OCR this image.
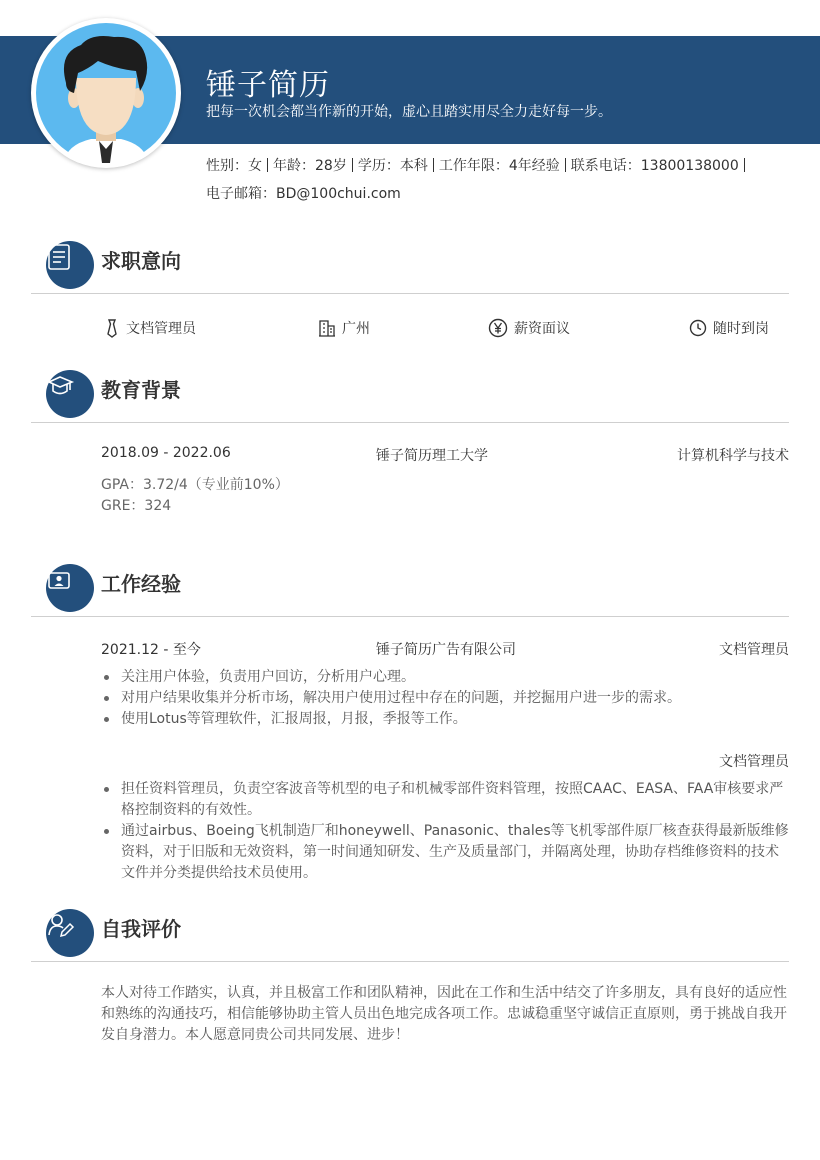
锤子简历
把每一次机会都当作新的开始，虚心且踏实用尽全力走好每一步。
性别：女 年龄：28岁 学历：本科 工作年限：4年经验 联系电话：13800138000
电子邮箱：BD@100chui.com
求职意向
文档管理员	广州	薪资面议	随时到岗
教育背景
2018.09 - 2022.06	锤子简历理工大学	计算机科学与技术
GPA：3.72/4（专业前10%）
GRE：324
工作经验
2021.12 - 至今	锤子简历广告有限公司	文档管理员
关注用户体验，负责用户回访，分析用户心理。
对用户结果收集并分析市场，解决用户使用过程中存在的问题，并挖掘用户进一步的需求。
使用Lotus等管理软件，汇报周报，月报，季报等工作。
文档管理员
担任资料管理员，负责空客波音等机型的电子和机械零部件资料管理，按照CAAC、EASA、FAA审核要求严格控制资料的有效性。
通过airbus、Boeing飞机制造厂和honeywell、Panasonic、thales等飞机零部件原厂核查获得最新版维修资料，对于旧版和无效资料，第一时间通知研发、生产及质量部门，并隔离处理，协助存档维修资料的技术文件并分类提供给技术员使用。
自我评价
本人对待工作踏实，认真，并且极富工作和团队精神，因此在工作和生活中结交了许多朋友，具有良好的适应性和熟练的沟通技巧，相信能够协助主管人员出色地完成各项工作。忠诚稳重坚守诚信正直原则，勇于挑战自我开发自身潜力。本人愿意同贵公司共同发展、进步！
